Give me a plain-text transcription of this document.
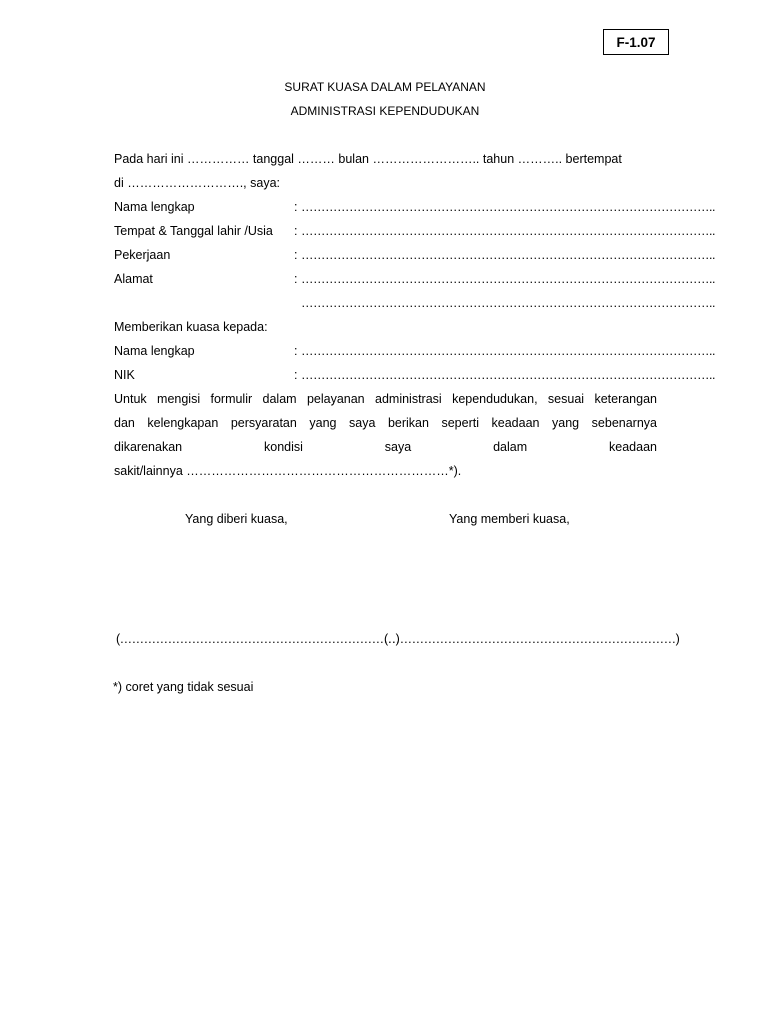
F-1.07
SURAT KUASA DALAM PELAYANAN
ADMINISTRASI KEPENDUDUKAN
Pada hari ini …………… tanggal ……… bulan …………………….. tahun ……….. bertempat
di ………………………., saya:
Nama lengkap	: …………………………………………………………………………………………..
Tempat & Tanggal lahir /Usia : …………………………………………………………………………………………..
Pekerjaan	: …………………………………………………………………………………………..
Alamat	: …………………………………………………………………………………………..
…………………………………………………………………………………………..
Memberikan kuasa kepada:
Nama lengkap	: …………………………………………………………………………………………..
NIK	: …………………………………………………………………………………………..
Untuk mengisi formulir dalam pelayanan administrasi kependudukan, sesuai keterangan
dan kelengkapan persyaratan yang saya berikan seperti keadaan yang sebenarnya
dikarenakan kondisi saya dalam keadaan
sakit/lainnya ………………………………………………………*).
Yang diberi kuasa,	Yang memberi kuasa,
(……………………………………………………………)
(………………………………………………………………)
*) coret yang tidak sesuai
